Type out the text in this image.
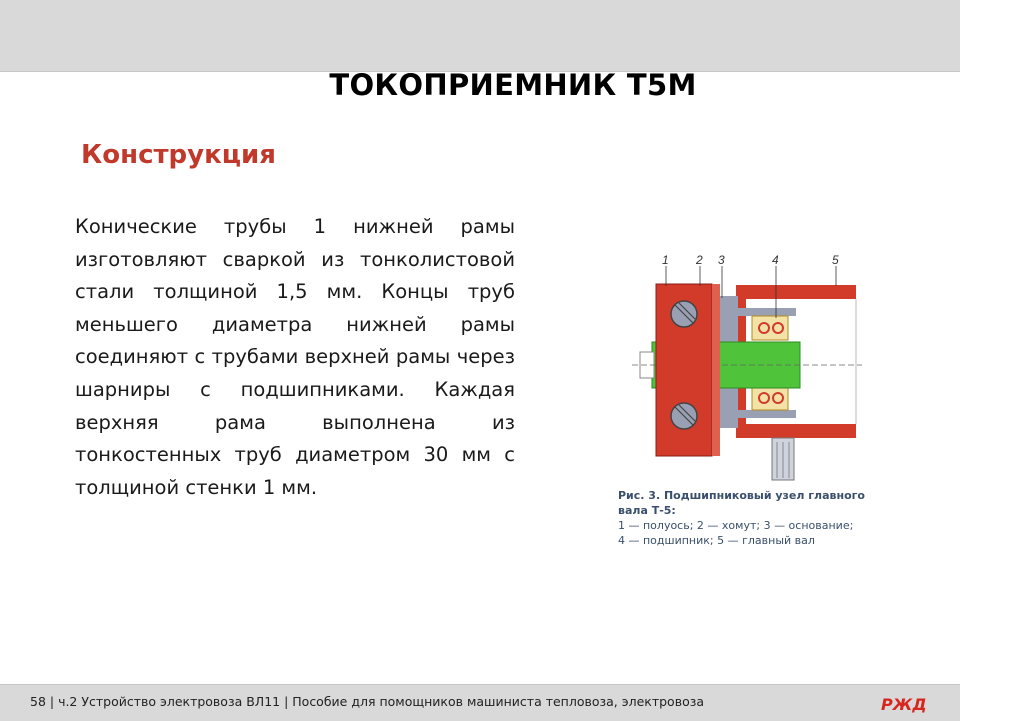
ТОКОПРИЕМНИК Т5М
Конструкция
Конические трубы 1 нижней рамы изготовляют сваркой из тонколистовой стали толщиной 1,5 мм. Концы труб меньшего диаметра нижней рамы соединяют с трубами верхней рамы через шарниры с подшипниками. Каждая верхняя рама выполнена из тонкостенных труб диаметром 30 мм с толщиной стенки 1 мм.
1 2 3	4	5
Рис. 3. Подшипниковый узел главного вала Т-5:
1 — полуось; 2 — хомут; 3 — основание;
4 — подшипник; 5 — главный вал
58 | ч.2 Устройство электровоза ВЛ11 | Пособие для помощников машиниста тепловоза, электровоза	РЖД
